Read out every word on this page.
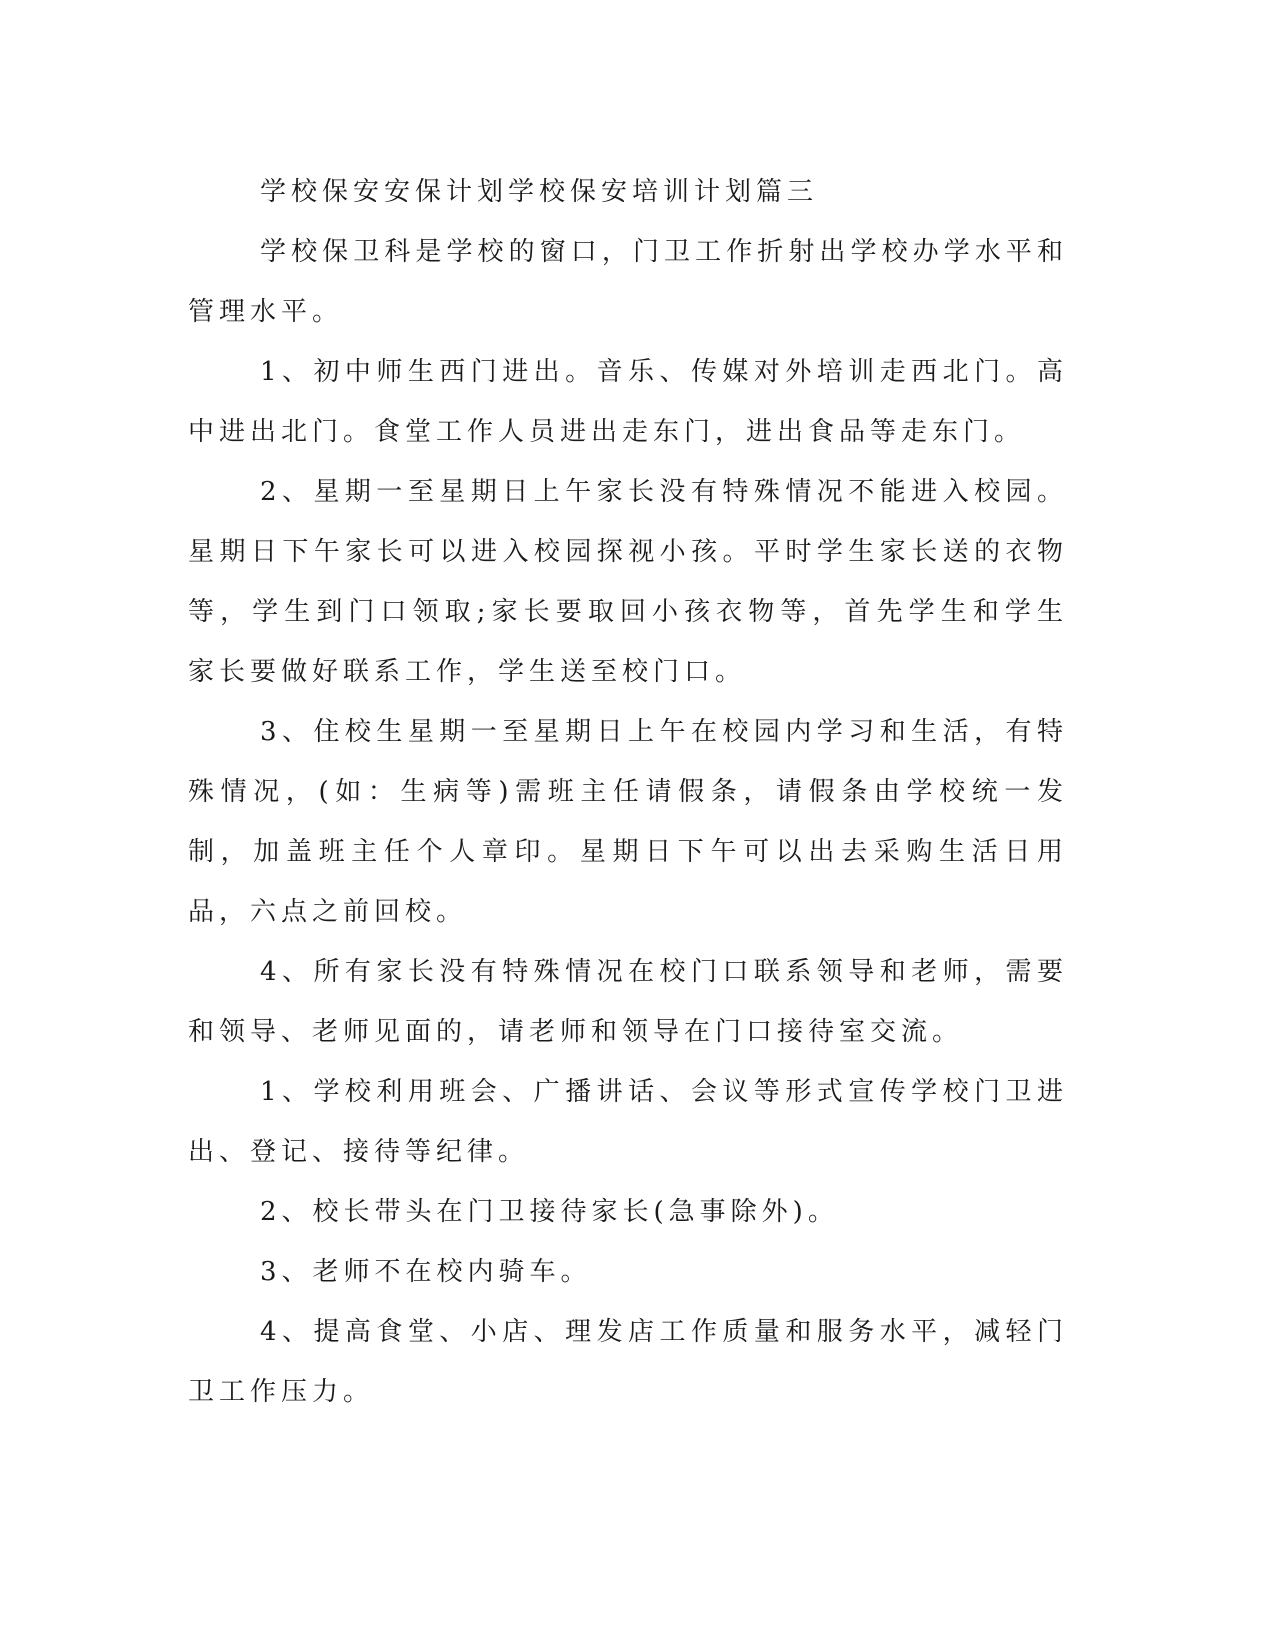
学校保安安保计划学校保安培训计划篇三

学校保卫科是学校的窗口，门卫工作折射出学校办学水平和管理水平。

1、初中师生西门进出。音乐、传媒对外培训走西北门。高中进出北门。食堂工作人员进出走东门，进出食品等走东门。

2、星期一至星期日上午家长没有特殊情况不能进入校园。星期日下午家长可以进入校园探视小孩。平时学生家长送的衣物等，学生到门口领取;家长要取回小孩衣物等，首先学生和学生家长要做好联系工作，学生送至校门口。

3、住校生星期一至星期日上午在校园内学习和生活，有特殊情况，(如：生病等)需班主任请假条，请假条由学校统一发制，加盖班主任个人章印。星期日下午可以出去采购生活日用品，六点之前回校。

4、所有家长没有特殊情况在校门口联系领导和老师，需要和领导、老师见面的，请老师和领导在门口接待室交流。

1、学校利用班会、广播讲话、会议等形式宣传学校门卫进出、登记、接待等纪律。

2、校长带头在门卫接待家长(急事除外)。

3、老师不在校内骑车。

4、提高食堂、小店、理发店工作质量和服务水平，减轻门卫工作压力。
